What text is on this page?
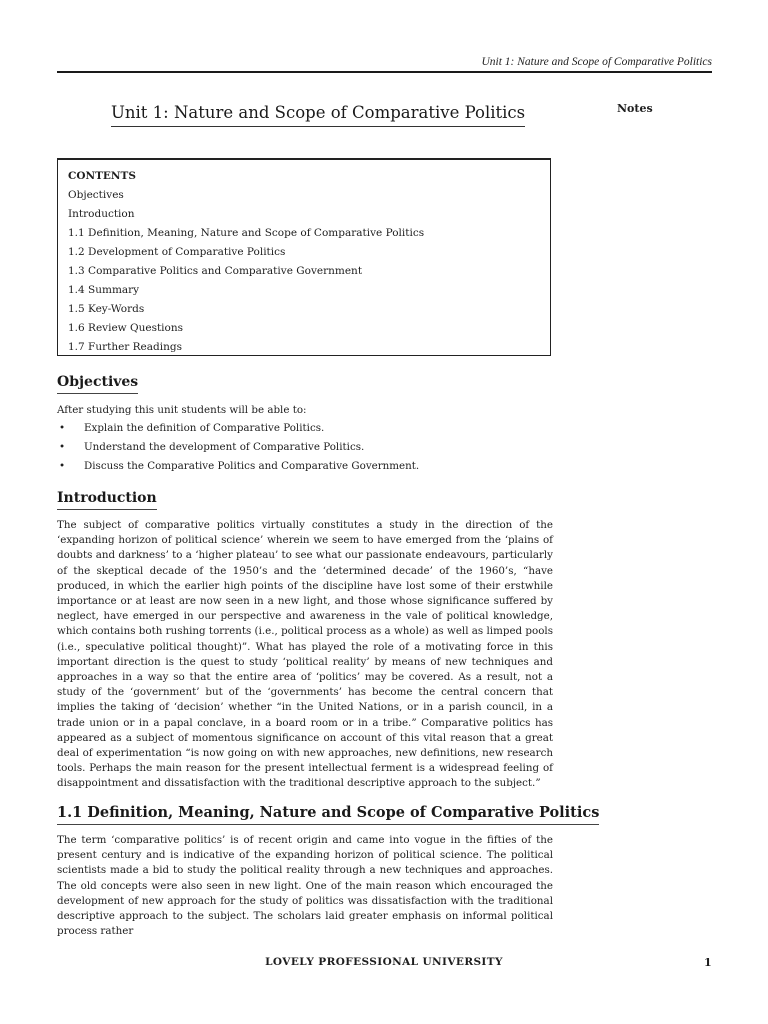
Unit 1: Nature and Scope of Comparative Politics
Unit 1: Nature and Scope of Comparative Politics	Notes
CONTENTS
Objectives
Introduction
1.1 Definition, Meaning, Nature and Scope of Comparative Politics
1.2 Development of Comparative Politics
1.3 Comparative Politics and Comparative Government
1.4 Summary
1.5 Key-Words
1.6 Review Questions
1.7 Further Readings
Objectives
After studying this unit students will be able to:
• Explain the definition of Comparative Politics.
• Understand the development of Comparative Politics.
• Discuss the Comparative Politics and Comparative Government.
Introduction
The subject of comparative politics virtually constitutes a study in the direction of the ‘expanding horizon of political science’ wherein we seem to have emerged from the ‘plains of doubts and darkness’ to a ‘higher plateau’ to see what our passionate endeavours, particularly of the skeptical decade of the 1950’s and the ‘determined decade’ of the 1960’s, “have produced, in which the earlier high points of the discipline have lost some of their erstwhile importance or at least are now seen in a new light, and those whose significance suffered by neglect, have emerged in our perspective and awareness in the vale of political knowledge, which contains both rushing torrents (i.e., political process as a whole) as well as limped pools (i.e., speculative political thought)”. What has played the role of a motivating force in this important direction is the quest to study ‘political reality’ by means of new techniques and approaches in a way so that the entire area of ‘politics’ may be covered. As a result, not a study of the ‘government’ but of the ‘governments’ has become the central concern that implies the taking of ‘decision’ whether “in the United Nations, or in a parish council, in a trade union or in a papal conclave, in a board room or in a tribe.” Comparative politics has appeared as a subject of momentous significance on account of this vital reason that a great deal of experimentation “is now going on with new approaches, new definitions, new research tools. Perhaps the main reason for the present intellectual ferment is a widespread feeling of disappointment and dissatisfaction with the traditional descriptive approach to the subject.”
1.1 Definition, Meaning, Nature and Scope of Comparative Politics
The term ‘comparative politics’ is of recent origin and came into vogue in the fifties of the present century and is indicative of the expanding horizon of political science. The political scientists made a bid to study the political reality through a new techniques and approaches. The old concepts were also seen in new light. One of the main reason which encouraged the development of new approach for the study of politics was dissatisfaction with the traditional descriptive approach to the subject. The scholars laid greater emphasis on informal political process rather
LOVELY PROFESSIONAL UNIVERSITY	1
